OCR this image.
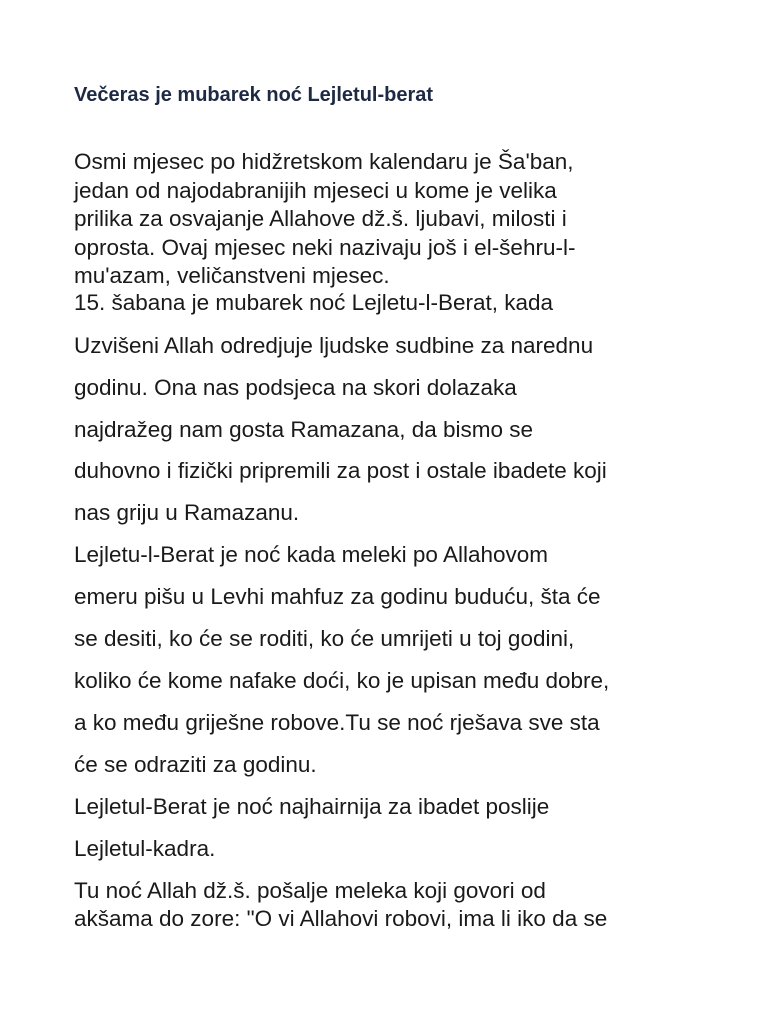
Večeras je mubarek noć Lejletul-berat

Osmi mjesec po hidžretskom kalendaru je Ša'ban,

jedan od najodabranijih mjeseci u kome je velika

prilika za osvajanje Allahove dž.š. ljubavi, milosti i

oprosta. Ovaj mjesec neki nazivaju još i el-šehru-l-

mu'azam, veličanstveni mjesec.

15. šabana je mubarek noć Lejletu-l-Berat, kada

Uzvišeni Allah odredjuje ljudske sudbine za narednu

godinu. Ona nas podsjeca na skori dolazaka

najdražeg nam gosta Ramazana, da bismo se

duhovno i fizički pripremili za post i ostale ibadete koji

nas griju u Ramazanu.

Lejletu-l-Berat je noć kada meleki po Allahovom

emeru pišu u Levhi mahfuz za godinu buduću, šta će

se desiti, ko će se roditi, ko će umrijeti u toj godini,

koliko će kome nafake doći, ko je upisan među dobre,

a ko među griješne robove.Tu se noć rješava sve sta

će se odraziti za godinu.

Lejletul-Berat je noć najhairnija za ibadet poslije

Lejletul-kadra.

Tu noć Allah dž.š. pošalje meleka koji govori od

akšama do zore: "O vi Allahovi robovi, ima li iko da se
